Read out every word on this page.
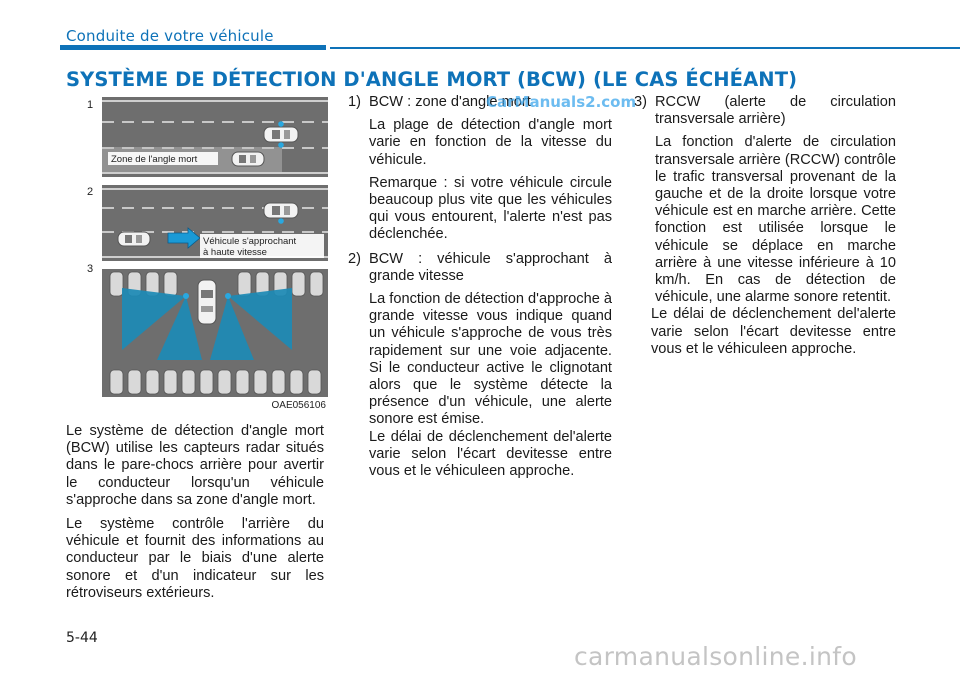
Conduite de votre véhicule
SYSTÈME DE DÉTECTION D'ANGLE MORT (BCW) (LE CAS ÉCHÉANT)
1
Zone de l'angle mort
2
Véhicule s'approchant
à haute vitesse
3
OAE056106

Le système de détection d'angle mort (BCW) utilise les capteurs radar situés dans le pare-chocs arrière pour avertir le conducteur lorsqu'un véhicule s'approche dans sa zone d'angle mort.

Le système contrôle l'arrière du véhicule et fournit des informations au conducteur par le biais d'une alerte sonore et d'un indicateur sur les rétroviseurs extérieurs.

1) BCW : zone d'angle mort

La plage de détection d'angle mort varie en fonction de la vitesse du véhicule.

Remarque : si votre véhicule circule beaucoup plus vite que les véhicules qui vous entourent, l'alerte n'est pas déclenchée.

2) BCW : véhicule s'approchant à grande vitesse

La fonction de détection d'approche à grande vitesse vous indique quand un véhicule s'approche de vous très rapidement sur une voie adjacente. Si le conducteur active le clignotant alors que le système détecte la présence d'un véhicule, une alerte sonore est émise.

Le délai de déclenchement del'alerte varie selon l'écart devitesse entre vous et le véhiculeen approche.

3) RCCW (alerte de circulation transversale arrière)

La fonction d'alerte de circulation transversale arrière (RCCW) contrôle le trafic transversal provenant de la gauche et de la droite lorsque votre véhicule est en marche arrière. Cette fonction est utilisée lorsque le véhicule se déplace en marche arrière à une vitesse inférieure à 10 km/h. En cas de détection de véhicule, une alarme sonore retentit.

Le délai de déclenchement del'alerte varie selon l'écart devitesse entre vous et le véhiculeen approche.

CarManuals2.com
5-44
carmanualsonline.info
